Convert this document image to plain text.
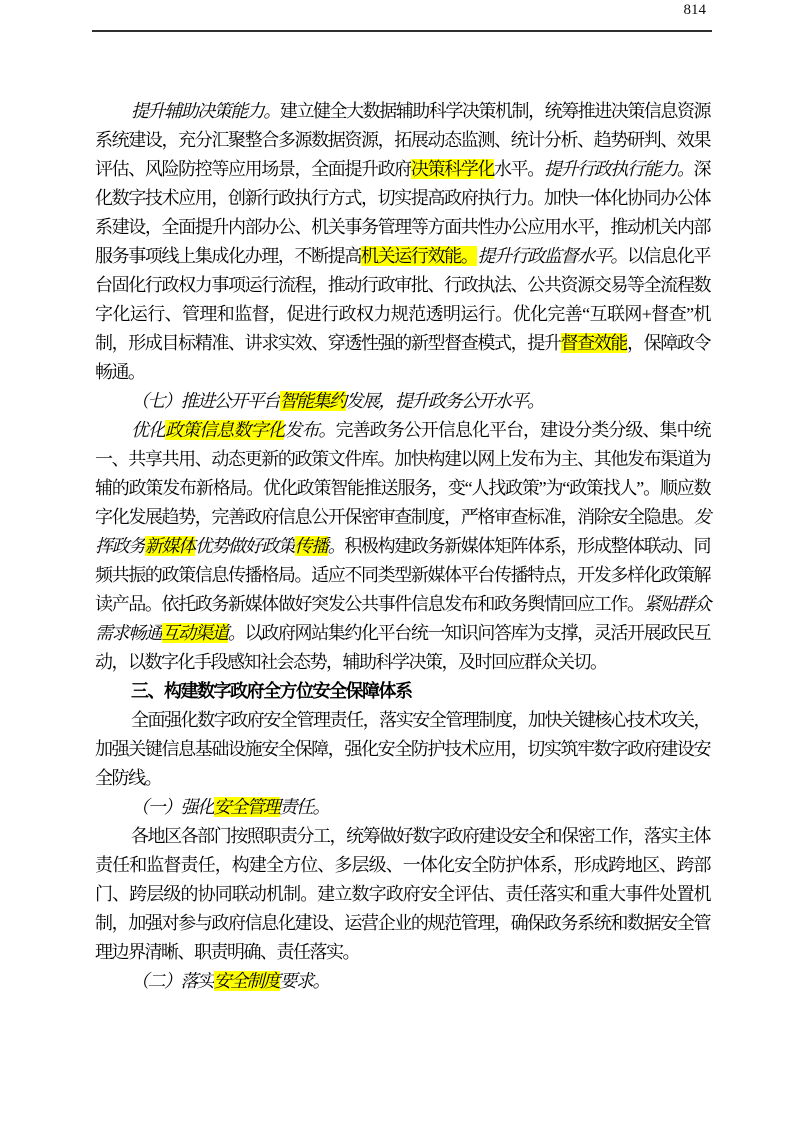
814

提升辅助决策能力。建立健全大数据辅助科学决策机制，统筹推进决策信息资源系统建设，充分汇聚整合多源数据资源，拓展动态监测、统计分析、趋势研判、效果评估、风险防控等应用场景，全面提升政府决策科学化水平。提升行政执行能力。深化数字技术应用，创新行政执行方式，切实提高政府执行力。加快一体化协同办公体系建设，全面提升内部办公、机关事务管理等方面共性办公应用水平，推动机关内部服务事项线上集成化办理，不断提高机关运行效能。提升行政监督水平。以信息化平台固化行政权力事项运行流程，推动行政审批、行政执法、公共资源交易等全流程数字化运行、管理和监督，促进行政权力规范透明运行。优化完善“互联网+督查”机制，形成目标精准、讲求实效、穿透性强的新型督查模式，提升督查效能，保障政令畅通。

（七）推进公开平台智能集约发展，提升政务公开水平。

优化政策信息数字化发布。完善政务公开信息化平台，建设分类分级、集中统一、共享共用、动态更新的政策文件库。加快构建以网上发布为主、其他发布渠道为辅的政策发布新格局。优化政策智能推送服务，变“人找政策”为“政策找人”。顺应数字化发展趋势，完善政府信息公开保密审查制度，严格审查标准，消除安全隐患。发挥政务新媒体优势做好政策传播。积极构建政务新媒体矩阵体系，形成整体联动、同频共振的政策信息传播格局。适应不同类型新媒体平台传播特点，开发多样化政策解读产品。依托政务新媒体做好突发公共事件信息发布和政务舆情回应工作。紧贴群众需求畅通互动渠道。以政府网站集约化平台统一知识问答库为支撑，灵活开展政民互动，以数字化手段感知社会态势，辅助科学决策，及时回应群众关切。

三、构建数字政府全方位安全保障体系

全面强化数字政府安全管理责任，落实安全管理制度，加快关键核心技术攻关，加强关键信息基础设施安全保障，强化安全防护技术应用，切实筑牢数字政府建设安全防线。

（一）强化安全管理责任。

各地区各部门按照职责分工，统筹做好数字政府建设安全和保密工作，落实主体责任和监督责任，构建全方位、多层级、一体化安全防护体系，形成跨地区、跨部门、跨层级的协同联动机制。建立数字政府安全评估、责任落实和重大事件处置机制，加强对参与政府信息化建设、运营企业的规范管理，确保政务系统和数据安全管理边界清晰、职责明确、责任落实。

（二）落实安全制度要求。
